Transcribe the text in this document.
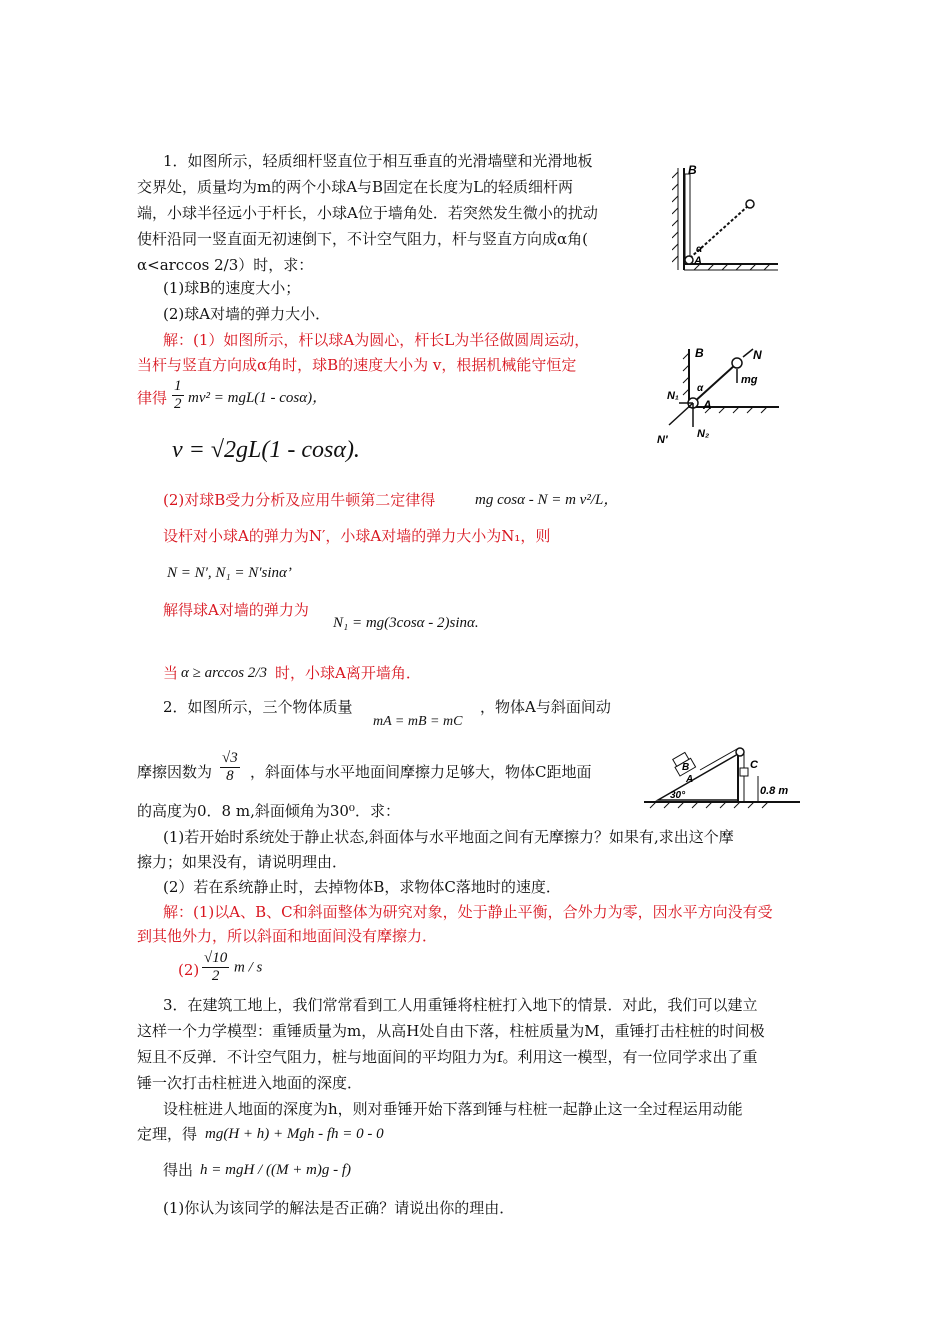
1．如图所示，轻质细杆竖直位于相互垂直的光滑墙壁和光滑地板
交界处，质量均为m的两个小球A与B固定在长度为L的轻质细杆两
端，小球半径远小于杆长，小球A位于墙角处．若突然发生微小的扰动
使杆沿同一竖直面无初速倒下，不计空气阻力，杆与竖直方向成α角(
α<arccos 2/3）时，求：
(1)球B的速度大小；
(2)球A对墙的弹力大小．
解：(1）如图所示，杆以球A为圆心，杆长L为半径做圆周运动，
当杆与竖直方向成α角时，球B的速度大小为 v，根据机械能守恒定
律得 $\frac{1}{2} mv^2 = mgL(1 - \cos\alpha)$，
v = √2gL(1 - cosα).
(2)对球B受力分析及应用牛顿第二定律得	mg cosα - N = m v²/L，
设杆对小球A的弹力为N′，小球A对墙的弹力大小为N₁，则
N = N′, N₁ = N′sinα’
解得球A对墙的弹力为
N₁ = mg(3cosα - 2)sinα.
当 α ≥ arccos 2/3 时，小球A离开墙角．
B
α
A
B	N
mg
N₁
α
A
N′	N₂
2．如图所示，三个物体质量
mA = mB = mC
，物体A与斜面间动
摩擦因数为 $\frac{√3}{8}$ ，斜面体与水平地面间摩擦力足够大，物体C距地面
的高度为0．8 m,斜面倾角为30⁰．求：
(1)若开始时系统处于静止状态,斜面体与水平地面之间有无摩擦力？如果有,求出这个摩
擦力；如果没有，请说明理由．
(2）若在系统静止时，去掉物体B，求物体C落地时的速度．
解：(1)以A、B、C和斜面整体为研究对象，处于静止平衡，合外力为零，因水平方向没有受
到其他外力，所以斜面和地面间没有摩擦力．
$(2) \frac{√10}{2}$ m / s
B
A
C
30°	0.8 m
3．在建筑工地上，我们常常看到工人用重锤将柱桩打入地下的情景．对此，我们可以建立
这样一个力学模型：重锤质量为m，从高H处自由下落，柱桩质量为M，重锤打击柱桩的时间极
短且不反弹．不计空气阻力，桩与地面间的平均阻力为f。利用这一模型，有一位同学求出了重
锤一次打击柱桩进入地面的深度．
设柱桩进人地面的深度为h，则对垂锤开始下落到锤与柱桩一起静止这一全过程运用动能
定理，得 mg(H + h) + Mgh - fh = 0 - 0
得出 h = mgH / ((M + m)g - f)
(1)你认为该同学的解法是否正确？请说出你的理由．
